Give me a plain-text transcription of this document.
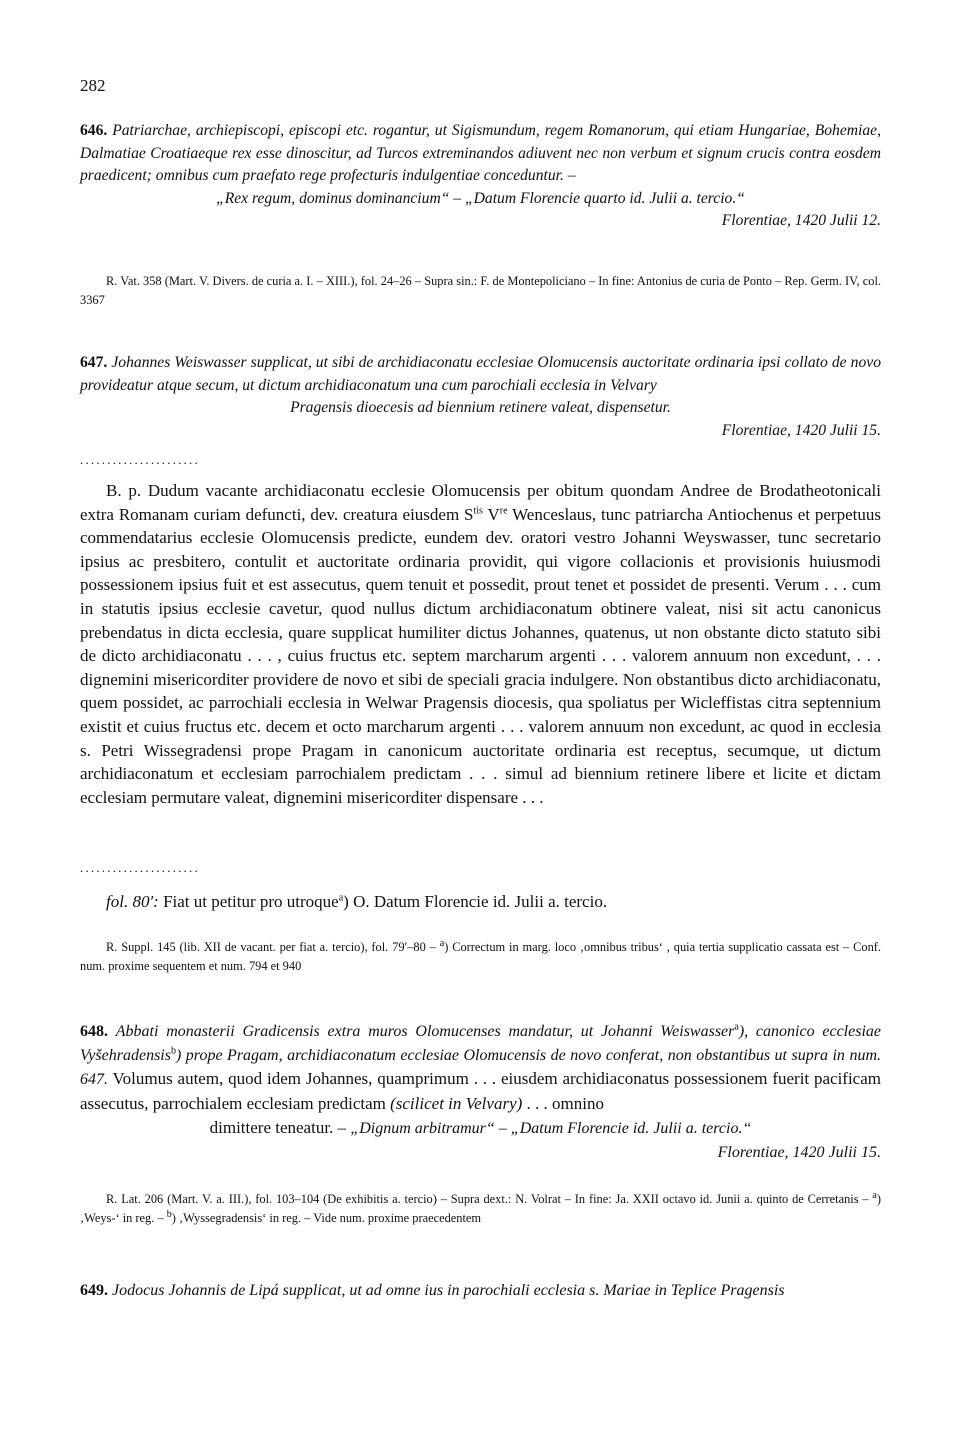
282
646. Patriarchae, archiepiscopi, episcopi etc. rogantur, ut Sigismundum, regem Romanorum, qui etiam Hungariae, Bohemiae, Dalmatiae Croatiaeque rex esse dinoscitur, ad Turcos extreminandos adiuvent nec non verbum et signum crucis contra eosdem praedicent; omnibus cum praefato rege profecturis indulgentiae conceduntur. –
„Rex regum, dominus dominancium“ – „Datum Florencie quarto id. Julii a. tercio.“
Florentiae, 1420 Julii 12.
R. Vat. 358 (Mart. V. Divers. de curia a. I. – XIII.), fol. 24–26 – Supra sin.: F. de Montepoliciano – In fine: Antonius de curia de Ponto – Rep. Germ. IV, col. 3367
647. Johannes Weiswasser supplicat, ut sibi de archidiaconatu ecclesiae Olomucensis auctoritate ordinaria ipsi collato de novo provideatur atque secum, ut dictum archidiaconatum una cum parochiali ecclesia in Velvary
Pragensis dioecesis ad biennium retinere valeat, dispensetur.
Florentiae, 1420 Julii 15.
......................
B. p. Dudum vacante archidiaconatu ecclesie Olomucensis per obitum quondam Andree de Brodatheotonicali extra Romanam curiam defuncti, dev. creatura eiusdem $S^{tis}$ Vre Wenceslaus, tunc patriarcha Antiochenus et perpetuus commendatarius ecclesie Olomucensis predicte, eundem dev. oratori vestro Johanni Weyswasser, tunc secretario ipsius ac presbitero, contulit et auctoritate ordinaria providit, qui vigore collacionis et provisionis huiusmodi possessionem ipsius fuit et est assecutus, quem tenuit et possedit, prout tenet et possidet de presenti. Verum . . . cum in statutis ipsius ecclesie cavetur, quod nullus dictum archidiaconatum obtinere valeat, nisi sit actu canonicus prebendatus in dicta ecclesia, quare supplicat humiliter dictus Johannes, quatenus, ut non obstante dicto statuto sibi de dicto archidiaconatu . . . , cuius fructus etc. septem marcharum argenti . . . valorem annuum non excedunt, . . . dignemini misericorditer providere de novo et sibi de speciali gracia indulgere. Non obstantibus dicto archidiaconatu, quem possidet, ac parrochiali ecclesia in Welwar Pragensis diocesis, qua spoliatus per Wicleffistas citra septennium existit et cuius fructus etc. decem et octo marcharum argenti . . . valorem annuum non excedunt, ac quod in ecclesia s. Petri Wissegradensi prope Pragam in canonicum auctoritate ordinaria est receptus, secumque, ut dictum archidiaconatum et ecclesiam parrochialem predictam . . . simul ad biennium retinere libere et licite et dictam ecclesiam permutare valeat, dignemini misericorditer dispensare . . .
......................
fol. 80′: Fiat ut petitur pro utroque$^a$) O. Datum Florencie id. Julii a. tercio.
R. Suppl. 145 (lib. XII de vacant. per fiat a. tercio), fol. 79′–80 – $^a$) Correctum in marg. loco ‚omnibus tribus‘ , quia tertia supplicatio cassata est – Conf. num. proxime sequentem et num. 794 et 940
648. Abbati monasterii Gradicensis extra muros Olomucenses mandatur, ut Johanni Weiswasser$^a$), canonico ecclesiae Vyšehradensis$^b$) prope Pragam, archidiaconatum ecclesiae Olomucensis de novo conferat, non obstantibus ut supra in num. 647. Volumus autem, quod idem Johannes, quamprimum . . . eiusdem archidiaconatus possessionem fuerit pacificam assecutus, parrochialem ecclesiam predictam (scilicet in Velvary) . . . omnino
dimittere teneatur. – „Dignum arbitramur“ – „Datum Florencie id. Julii a. tercio.“
Florentiae, 1420 Julii 15.
R. Lat. 206 (Mart. V. a. III.), fol. 103–104 (De exhibitis a. tercio) – Supra dext.: N. Volrat – In fine: Ja. XXII octavo id. Junii a. quinto de Cerretanis – $^a$) ‚Weys-‘ in reg. – $^b$) ‚Wyssegradensis‘ in reg. – Vide num. proxime praecedentem
649. Jodocus Johannis de Lipá supplicat, ut ad omne ius in parochiali ecclesia s. Mariae in Teplice Pragensis
